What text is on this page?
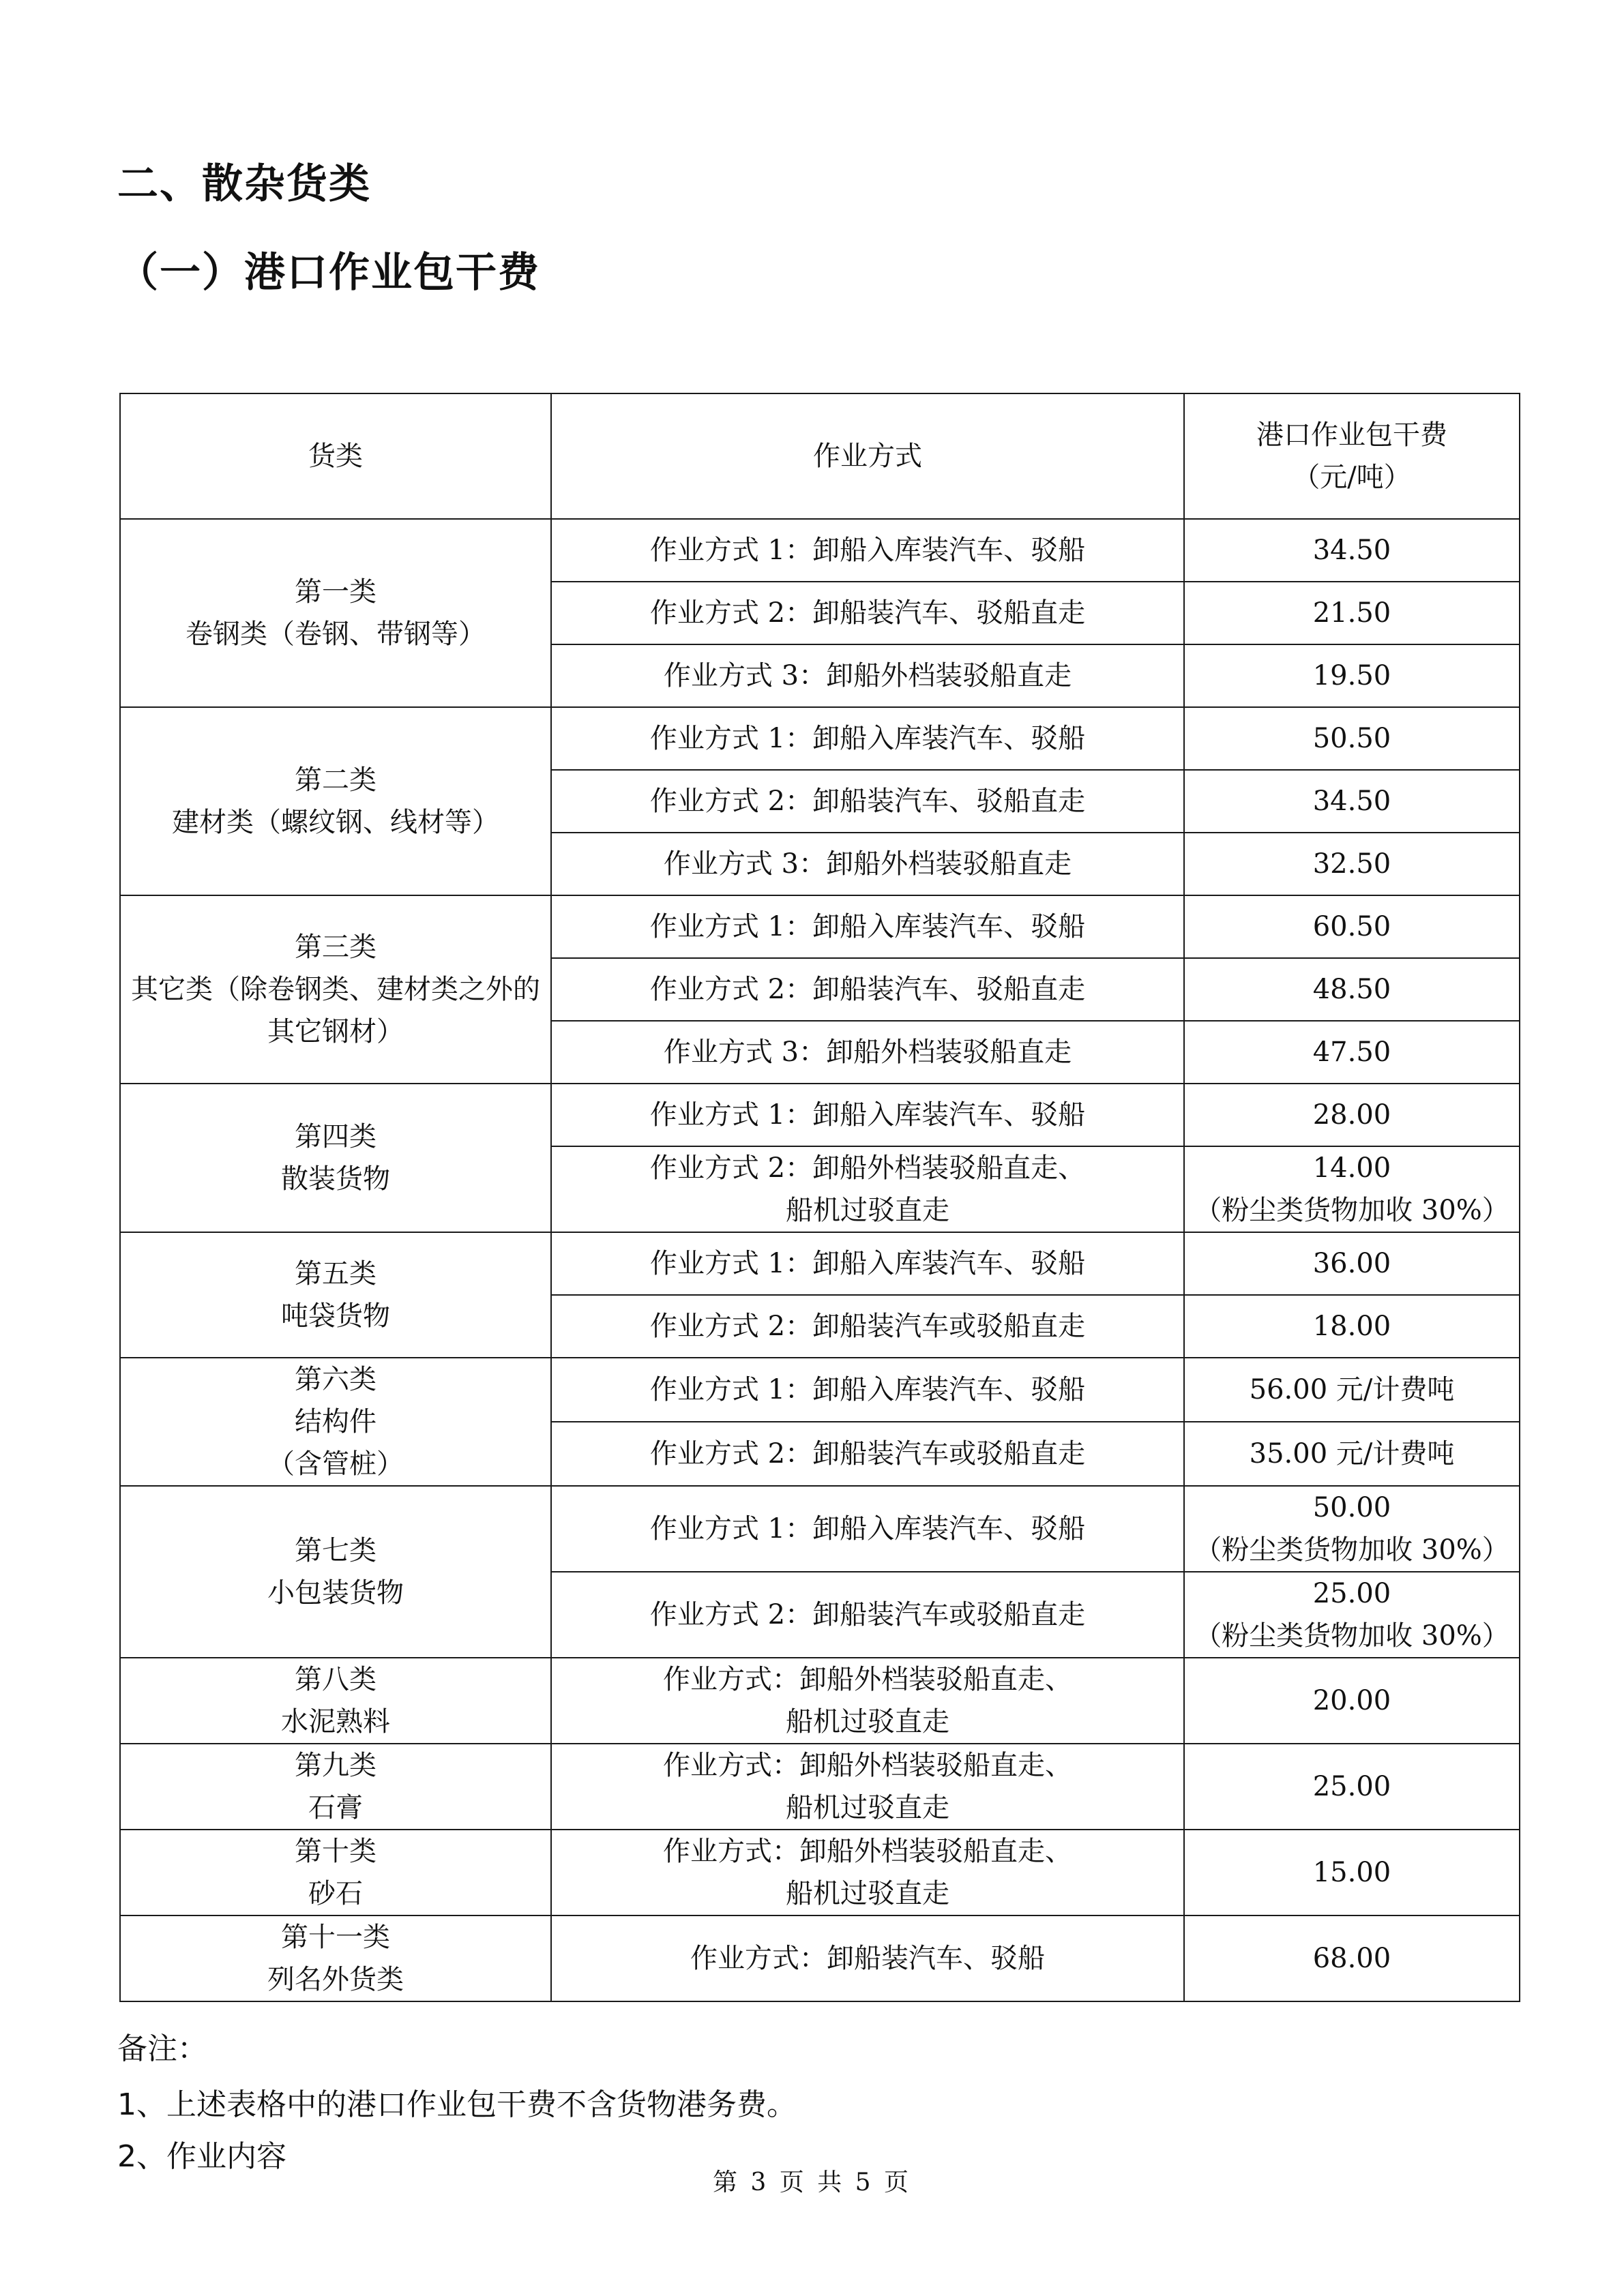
二、散杂货类
（一）港口作业包干费
货类	作业方式	港口作业包干费
（元/吨）

第一类
卷钢类（卷钢、带钢等）	作业方式 1：卸船入库装汽车、驳船	34.50

	作业方式 2：卸船装汽车、驳船直走	21.50

	作业方式 3：卸船外档装驳船直走	19.50

第二类
建材类（螺纹钢、线材等）	作业方式 1：卸船入库装汽车、驳船	50.50

	作业方式 2：卸船装汽车、驳船直走	34.50

	作业方式 3：卸船外档装驳船直走	32.50

第三类
其它类（除卷钢类、建材类之外的
其它钢材）	作业方式 1：卸船入库装汽车、驳船	60.50

	作业方式 2：卸船装汽车、驳船直走	48.50

	作业方式 3：卸船外档装驳船直走	47.50

第四类
散装货物	作业方式 1：卸船入库装汽车、驳船	28.00

	作业方式 2：卸船外档装驳船直走、
船机过驳直走	14.00
（粉尘类货物加收 30%）

第五类
吨袋货物	作业方式 1：卸船入库装汽车、驳船	36.00

	作业方式 2：卸船装汽车或驳船直走	18.00

第六类
结构件
（含管桩）	作业方式 1：卸船入库装汽车、驳船	56.00 元/计费吨

	作业方式 2：卸船装汽车或驳船直走	35.00 元/计费吨

第七类
小包装货物	作业方式 1：卸船入库装汽车、驳船	50.00
（粉尘类货物加收 30%）

	作业方式 2：卸船装汽车或驳船直走	25.00
（粉尘类货物加收 30%）

第八类
水泥熟料	作业方式：卸船外档装驳船直走、
船机过驳直走	20.00

第九类
石膏	作业方式：卸船外档装驳船直走、
船机过驳直走	25.00

第十类
砂石	作业方式：卸船外档装驳船直走、
船机过驳直走	15.00

第十一类
列名外货类	作业方式：卸船装汽车、驳船	68.00
备注：
1、上述表格中的港口作业包干费不含货物港务费。
2、作业内容
第 3 页 共 5 页
